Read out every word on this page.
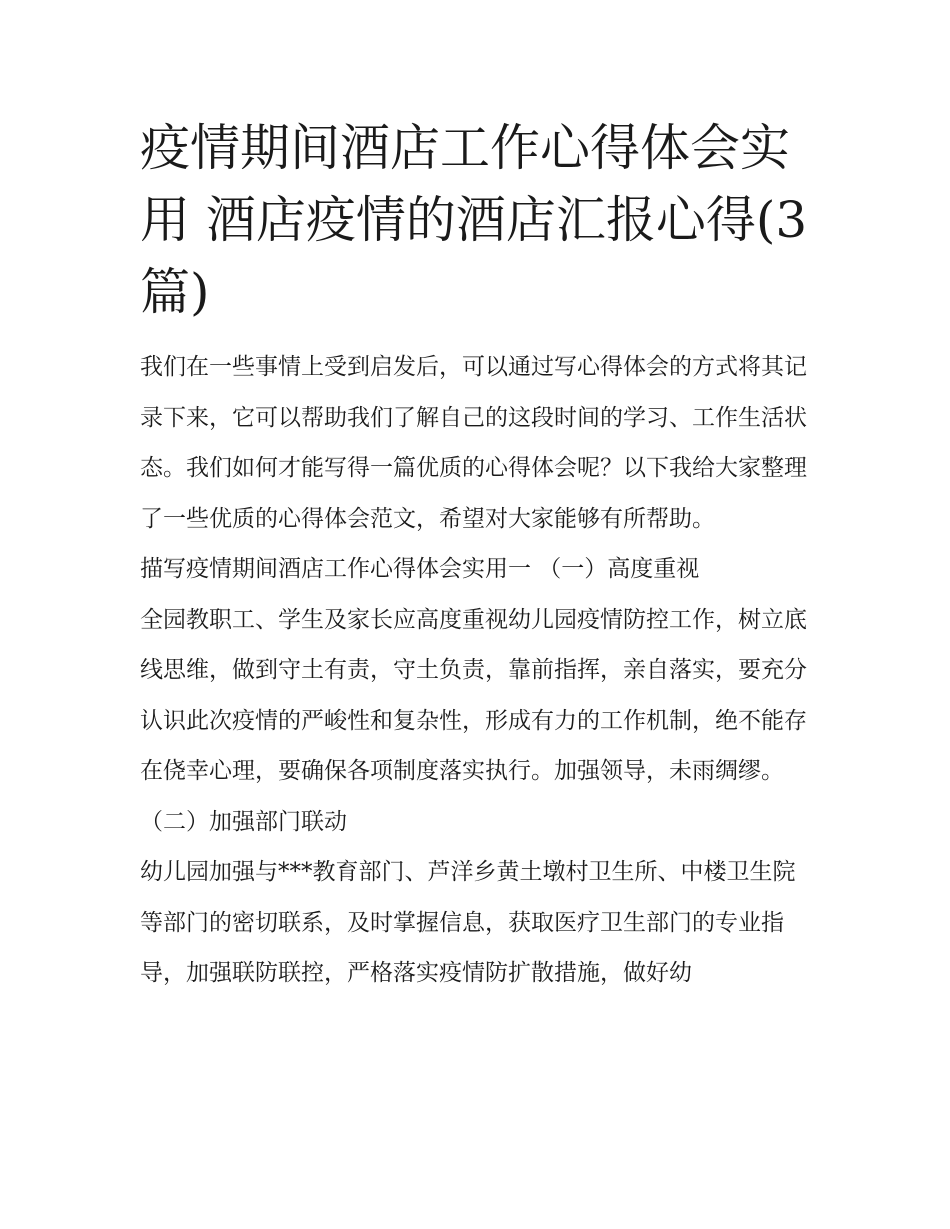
疫情期间酒店工作心得体会实用 酒店疫情的酒店汇报心得(3篇)

我们在一些事情上受到启发后，可以通过写心得体会的方式将其记录下来，它可以帮助我们了解自己的这段时间的学习、工作生活状态。我们如何才能写得一篇优质的心得体会呢？以下我给大家整理了一些优质的心得体会范文，希望对大家能够有所帮助。

描写疫情期间酒店工作心得体会实用一 （一）高度重视

全园教职工、学生及家长应高度重视幼儿园疫情防控工作，树立底线思维，做到守土有责，守土负责，靠前指挥，亲自落实，要充分认识此次疫情的严峻性和复杂性，形成有力的工作机制，绝不能存在侥幸心理，要确保各项制度落实执行。加强领导，未雨绸缪。

（二）加强部门联动

幼儿园加强与***教育部门、芦洋乡黄土墩村卫生所、中楼卫生院等部门的密切联系，及时掌握信息，获取医疗卫生部门的专业指导，加强联防联控，严格落实疫情防扩散措施，做好幼
